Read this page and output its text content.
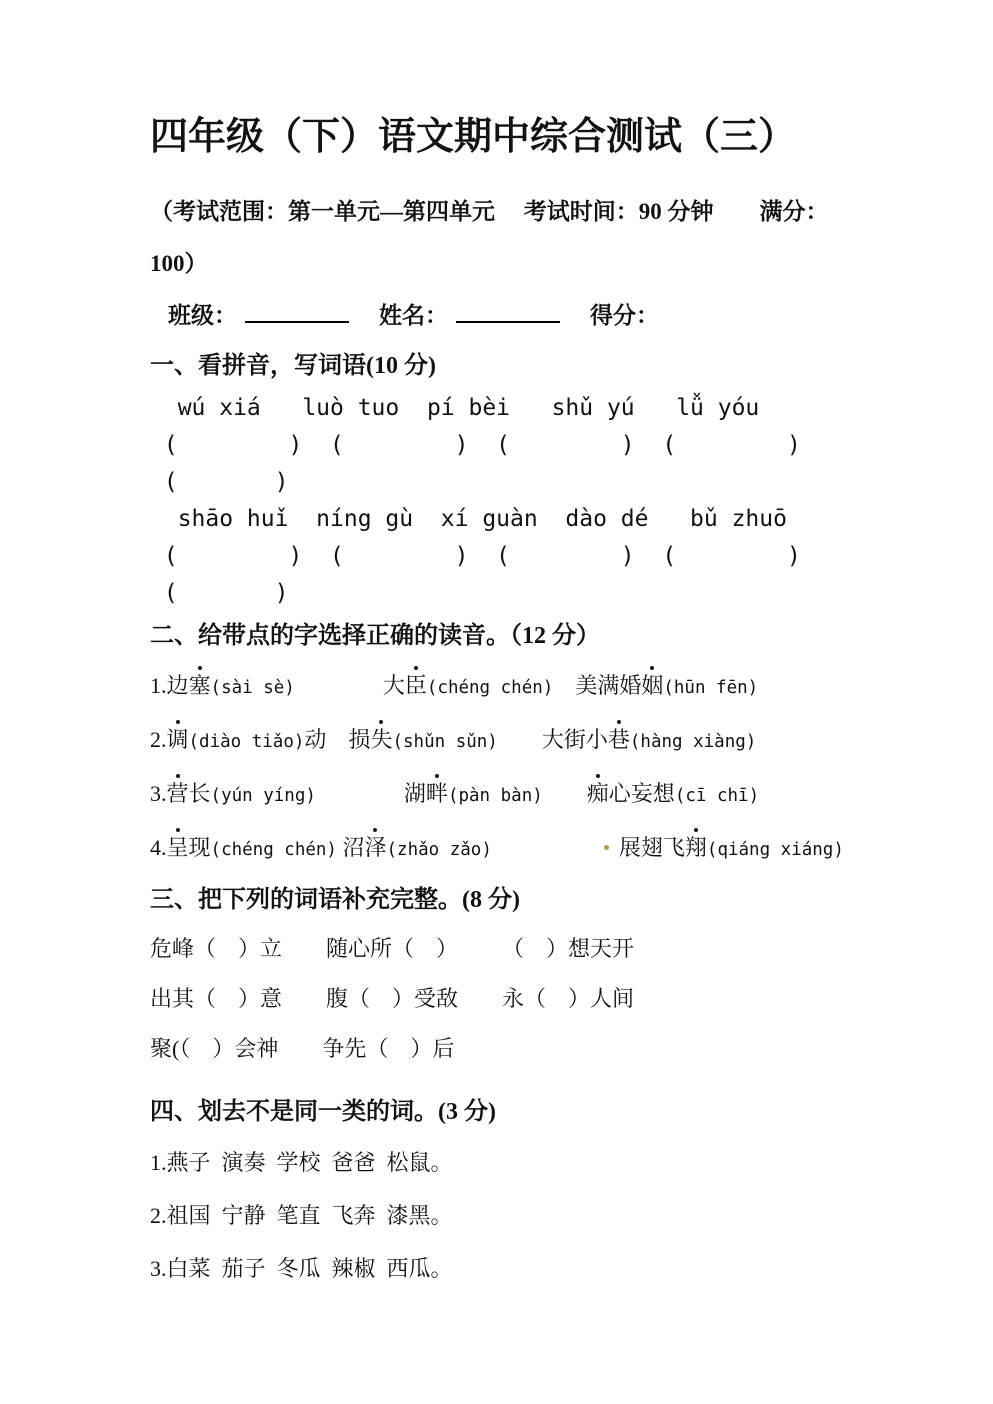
四年级（下）语文期中综合测试（三）

（考试范围：第一单元—第四单元　 考试时间：90 分钟　　满分：

100）

班级：	姓名：	得分：
一、看拼音，写词语(10 分)
wú xiá   luò tuo  pí bèi   shǔ yú   lǚ yóu
(        )  (        )  (        )  (        )
(       )
shāo huǐ  níng gù  xí guàn  dào dé   bǔ zhuō
(        )  (        )  (        )  (        )
(       )
二、给带点的字选择正确的读音。（12 分）
1.边塞(sài sè)　　　　	大臣(chéng chén)　 美满婚姻(hūn fēn)
2.调(diào tiǎo)动　 损失(shǔn sǔn)　　 大街小巷(hàng xiàng)
3.营长(yún yíng)　　　　	湖畔(pàn bàn)　　 痴心妄想(cī chī)
4.呈现(chéng chén) 沼泽(zhǎo zǎo)　　　　　	展翅飞翔(qiáng xiáng)
三、把下列的词语补充完整。(8 分)
危峰（　）立　　随心所（　）　　　（　）想天开
出其（　）意　　腹（　）受敌　　永（　）人间
聚(（　）会神　　争先（　）后
四、划去不是同一类的词。(3 分)
1.燕子  演奏  学校  爸爸  松鼠。
2.祖国  宁静  笔直  飞奔  漆黑。
3.白菜  茄子  冬瓜  辣椒  西瓜。
